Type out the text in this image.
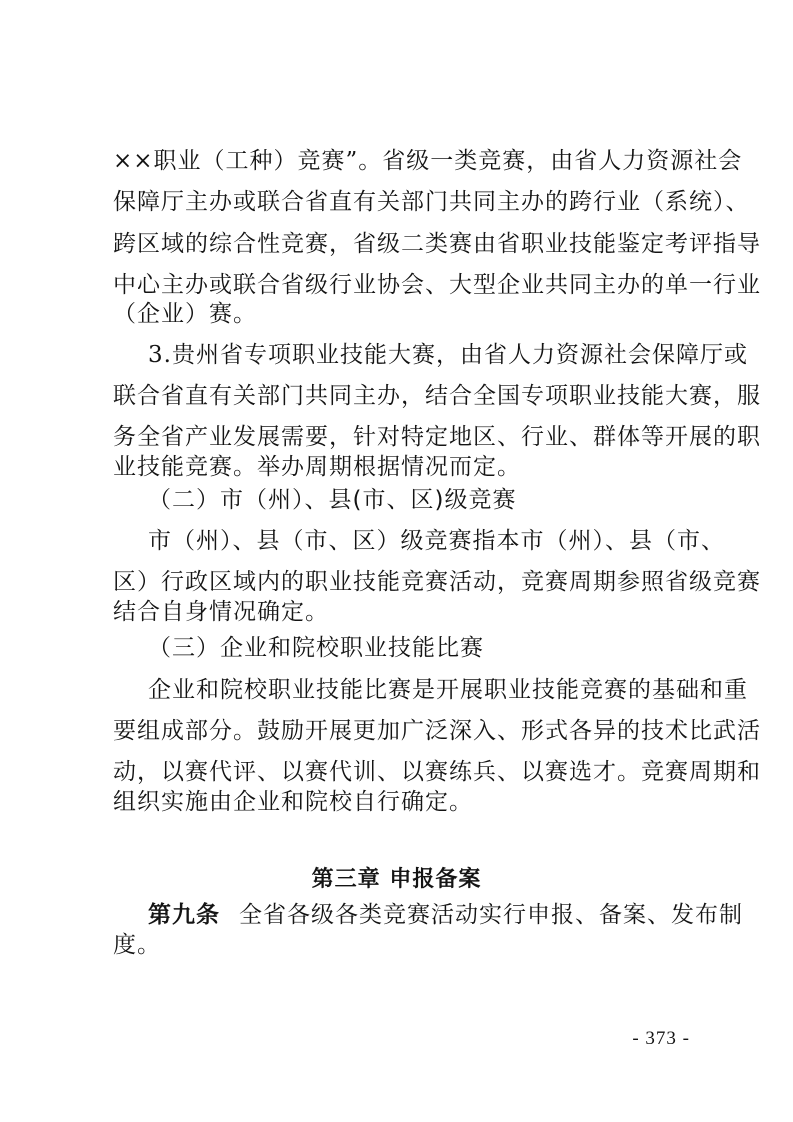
××职业（工种）竞赛”。省级一类竞赛，由省人力资源社会
保障厅主办或联合省直有关部门共同主办的跨行业（系统）、
跨区域的综合性竞赛，省级二类赛由省职业技能鉴定考评指导
中心主办或联合省级行业协会、大型企业共同主办的单一行业
（企业）赛。
3.贵州省专项职业技能大赛，由省人力资源社会保障厅或
联合省直有关部门共同主办，结合全国专项职业技能大赛，服
务全省产业发展需要，针对特定地区、行业、群体等开展的职
业技能竞赛。举办周期根据情况而定。
（二）市（州）、县(市、区)级竞赛
市（州）、县（市、区）级竞赛指本市（州）、县（市、
区）行政区域内的职业技能竞赛活动，竞赛周期参照省级竞赛
结合自身情况确定。
（三）企业和院校职业技能比赛
企业和院校职业技能比赛是开展职业技能竞赛的基础和重
要组成部分。鼓励开展更加广泛深入、形式各异的技术比武活
动，以赛代评、以赛代训、以赛练兵、以赛选才。竞赛周期和
组织实施由企业和院校自行确定。
第三章 申报备案
第九条 全省各级各类竞赛活动实行申报、备案、发布制
度。
- 373 -
